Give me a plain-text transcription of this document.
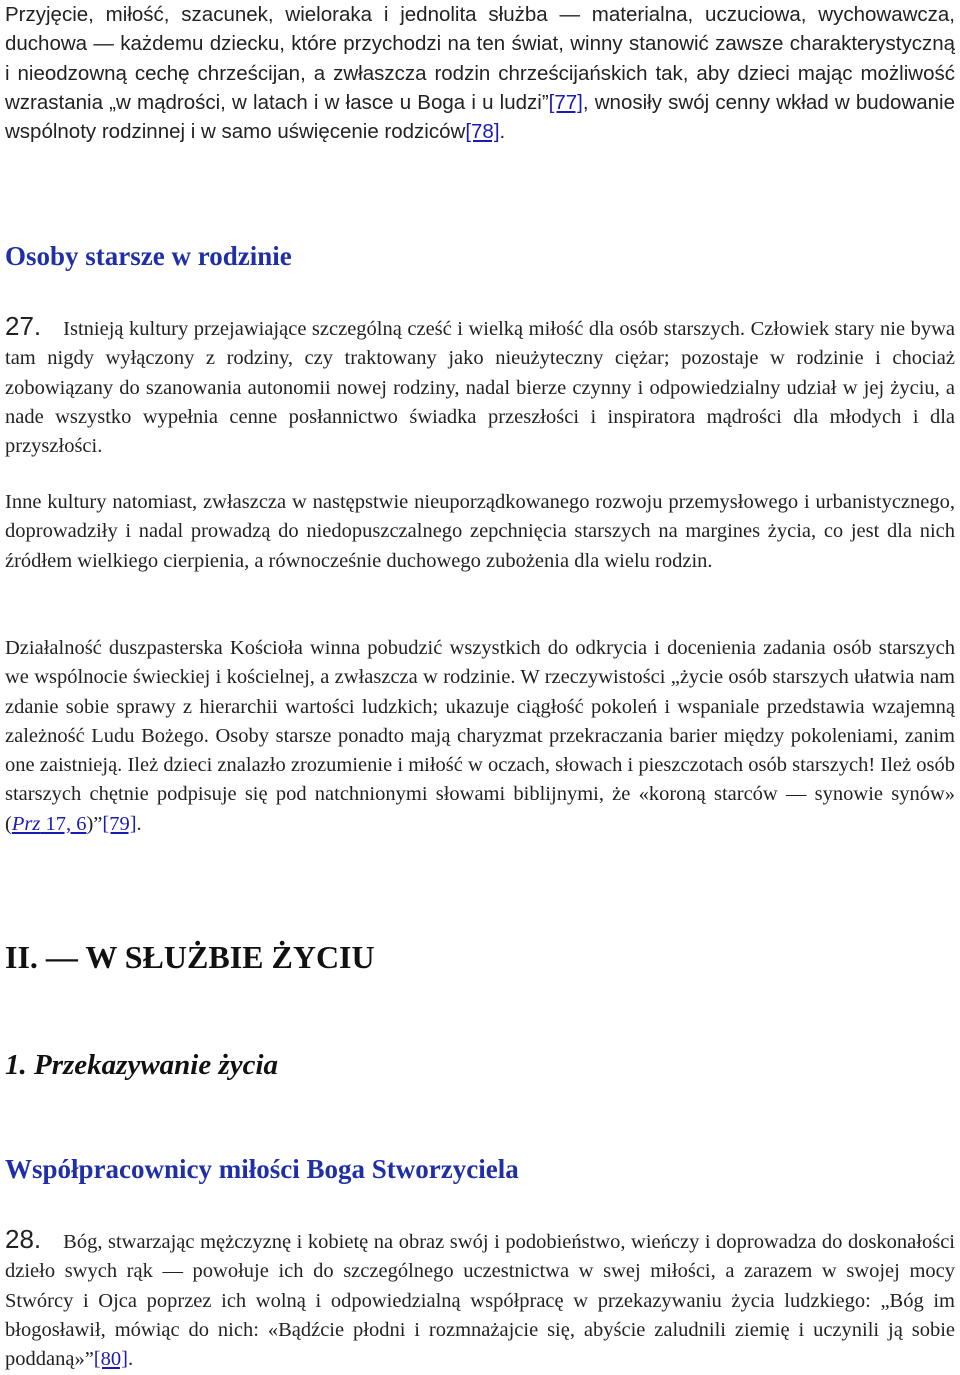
Przyjęcie, miłość, szacunek, wieloraka i jednolita służba — materialna, uczuciowa, wychowawcza, duchowa — każdemu dziecku, które przychodzi na ten świat, winny stanowić zawsze charakterystyczną i nieodzowną cechę chrześcijan, a zwłaszcza rodzin chrześcijańskich tak, aby dzieci mając możliwość wzrastania „w mądrości, w latach i w łasce u Boga i u ludzi”[77], wnosiły swój cenny wkład w budowanie wspólnoty rodzinnej i w samo uświęcenie rodziców[78].

Osoby starsze w rodzinie

27. Istnieją kultury przejawiające szczególną cześć i wielką miłość dla osób starszych. Człowiek stary nie bywa tam nigdy wyłączony z rodziny, czy traktowany jako nieużyteczny ciężar; pozostaje w rodzinie i chociaż zobowiązany do szanowania autonomii nowej rodziny, nadal bierze czynny i odpowiedzialny udział w jej życiu, a nade wszystko wypełnia cenne posłannictwo świadka przeszłości i inspiratora mądrości dla młodych i dla przyszłości.

Inne kultury natomiast, zwłaszcza w następstwie nieuporządkowanego rozwoju przemysłowego i urbanistycznego, doprowadziły i nadal prowadzą do niedopuszczalnego zepchnięcia starszych na margines życia, co jest dla nich źródłem wielkiego cierpienia, a równocześnie duchowego zubożenia dla wielu rodzin.

Działalność duszpasterska Kościoła winna pobudzić wszystkich do odkrycia i docenienia zadania osób starszych we wspólnocie świeckiej i kościelnej, a zwłaszcza w rodzinie. W rzeczywistości „życie osób starszych ułatwia nam zdanie sobie sprawy z hierarchii wartości ludzkich; ukazuje ciągłość pokoleń i wspaniale przedstawia wzajemną zależność Ludu Bożego. Osoby starsze ponadto mają charyzmat przekraczania barier między pokoleniami, zanim one zaistnieją. Ileż dzieci znalazło zrozumienie i miłość w oczach, słowach i pieszczotach osób starszych! Ileż osób starszych chętnie podpisuje się pod natchnionymi słowami biblijnymi, że «koroną starców — synowie synów» (Prz 17, 6)”[79].

II. — W SŁUŻBIE ŻYCIU
1. Przekazywanie życia
Współpracownicy miłości Boga Stworzyciela

28. Bóg, stwarzając mężczyznę i kobietę na obraz swój i podobieństwo, wieńczy i doprowadza do doskonałości dzieło swych rąk — powołuje ich do szczególnego uczestnictwa w swej miłości, a zarazem w swojej mocy Stwórcy i Ojca poprzez ich wolną i odpowiedzialną współpracę w przekazywaniu życia ludzkiego: „Bóg im błogosławił, mówiąc do nich: «Bądźcie płodni i rozmnażajcie się, abyście zaludnili ziemię i uczynili ją sobie poddaną»”[80].
